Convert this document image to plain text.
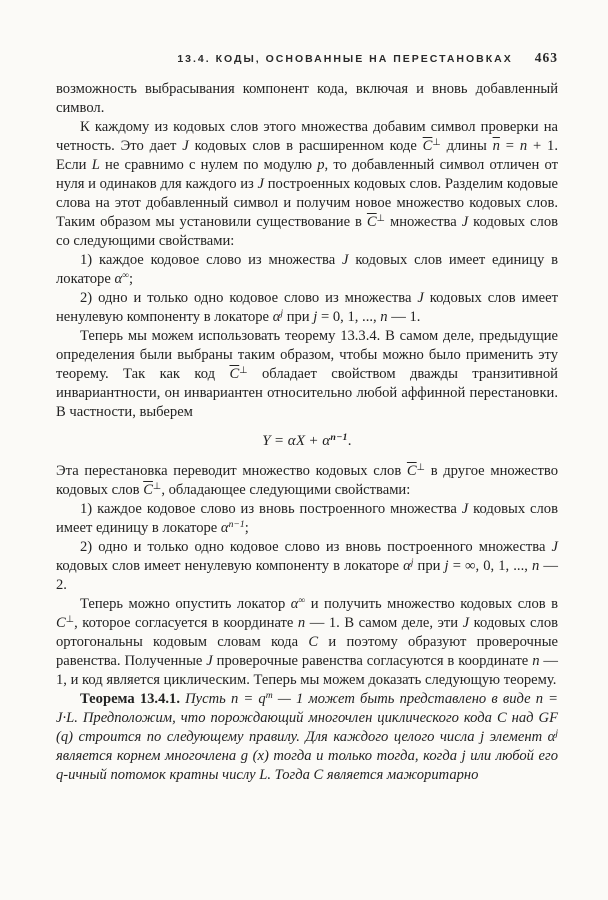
13.4. КОДЫ, ОСНОВАННЫЕ НА ПЕРЕСТАНОВКАХ 463

возможность выбрасывания компонент кода, включая и вновь добавленный символ.

К каждому из кодовых слов этого множества добавим символ проверки на четность. Это дает J кодовых слов в расширенном коде $\overline{C}^\perp$ длины $\overline{n} = n + 1$. Если L не сравнимо с нулем по модулю p, то добавленный символ отличен от нуля и одинаков для каждого из J построенных кодовых слов. Разделим кодовые слова на этот добавленный символ и получим новое множество кодовых слов. Таким образом мы установили существование в $\overline{C}^\perp$ множества J кодовых слов со следующими свойствами:

1) каждое кодовое слово из множества J кодовых слов имеет единицу в локаторе α∞;

2) одно и только одно кодовое слово из множества J кодовых слов имеет ненулевую компоненту в локаторе $\alpha^j$ при j = 0, 1, ..., n — 1.

Теперь мы можем использовать теорему 13.3.4. В самом деле, предыдущие определения были выбраны таким образом, чтобы можно было применить эту теорему. Так как код $\overline{C}^\perp$ обладает свойством дважды транзитивной инвариантности, он инвариантен относительно любой аффинной перестановки. В частности, выберем

$Y = \alpha X + \alpha^{n-1}$.

Эта перестановка переводит множество кодовых слов $\overline{C}^\perp$ в другое множество кодовых слов $\overline{C}^\perp$, обладающее следующими свойствами:

1) каждое кодовое слово из вновь построенного множества J кодовых слов имеет единицу в локаторе $\alpha^{n-1}$;

2) одно и только одно кодовое слово из вновь построенного множества J кодовых слов имеет ненулевую компоненту в локаторе $\alpha^j$ при j = ∞, 0, 1, ..., n — 2.

Теперь можно опустить локатор α∞ и получить множество кодовых слов в C⊥, которое согласуется в координате n — 1. В самом деле, эти J кодовых слов ортогональны кодовым словам кода C и поэтому образуют проверочные равенства. Полученные J проверочные равенства согласуются в координате n — 1, и код является циклическим. Теперь мы можем доказать следующую теорему.

Теорема 13.4.1. Пусть $n = q^m$ — 1 может быть представлено в виде n = J·L. Предположим, что порождающий многочлен циклического кода C над GF (q) строится по следующему правилу. Для каждого целого числа j элемент $\alpha^j$ является корнем многочлена g (x) тогда и только тогда, когда j или любой его q-ичный потомок кратны числу L. Тогда C является мажоритарно
